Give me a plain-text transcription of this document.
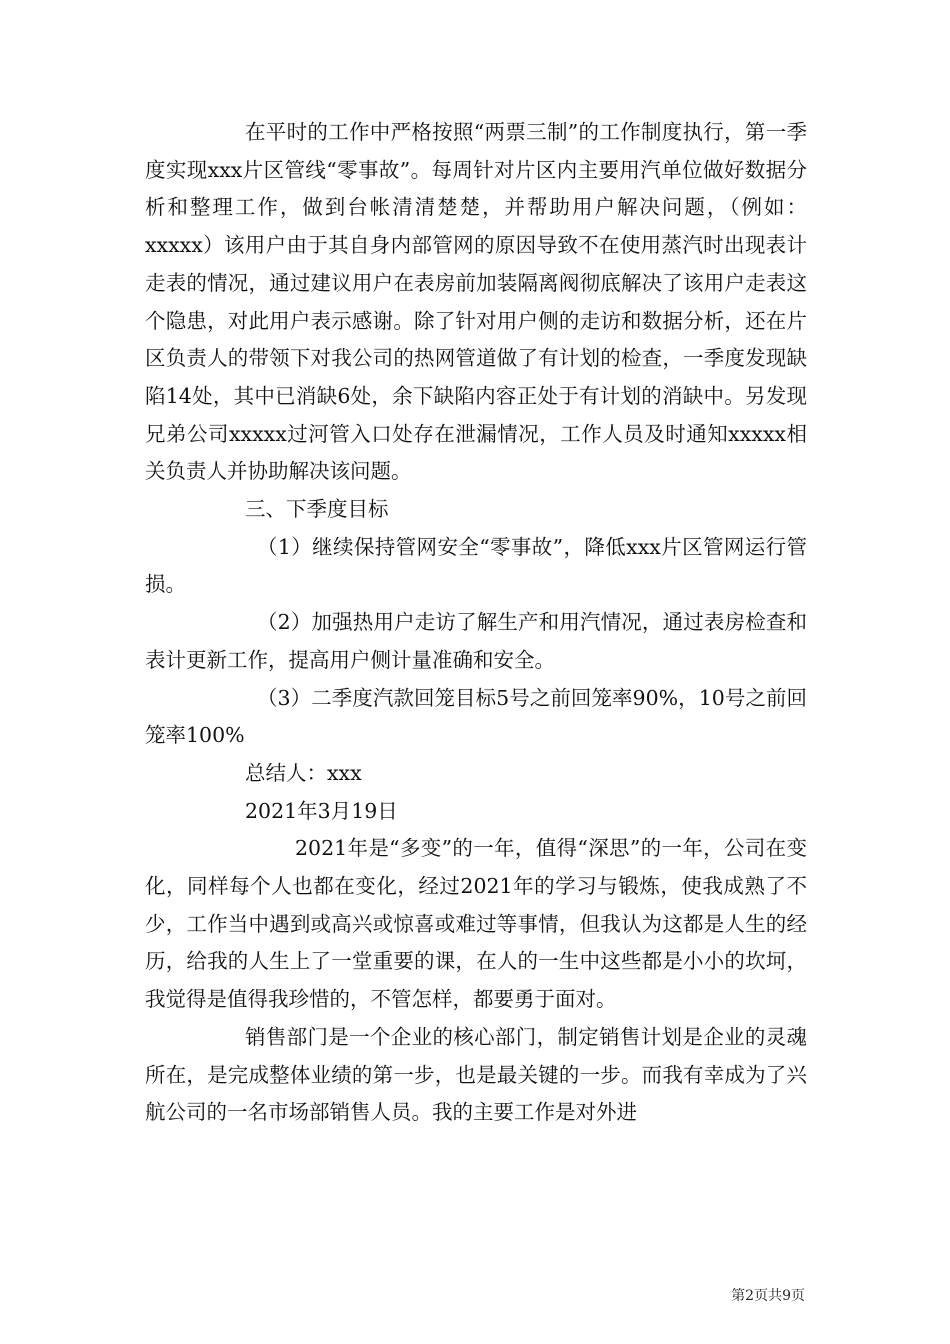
在平时的工作中严格按照“两票三制”的工作制度执行，第一季度实现xxx片区管线“零事故”。每周针对片区内主要用汽单位做好数据分析和整理工作，做到台帐清清楚楚，并帮助用户解决问题，（例如：xxxxx）该用户由于其自身内部管网的原因导致不在使用蒸汽时出现表计走表的情况，通过建议用户在表房前加装隔离阀彻底解决了该用户走表这个隐患，对此用户表示感谢。除了针对用户侧的走访和数据分析，还在片区负责人的带领下对我公司的热网管道做了有计划的检查，一季度发现缺陷14处，其中已消缺6处，余下缺陷内容正处于有计划的消缺中。另发现兄弟公司xxxxx过河管入口处存在泄漏情况，工作人员及时通知xxxxx相关负责人并协助解决该问题。

三、下季度目标

（1）继续保持管网安全“零事故”，降低xxx片区管网运行管损。

（2）加强热用户走访了解生产和用汽情况，通过表房检查和表计更新工作，提高用户侧计量准确和安全。

（3）二季度汽款回笼目标5号之前回笼率90%，10号之前回笼率100%

总结人：xxx

2021年3月19日

2021年是“多变”的一年，值得“深思”的一年，公司在变化，同样每个人也都在变化，经过2021年的学习与锻炼，使我成熟了不少，工作当中遇到或高兴或惊喜或难过等事情，但我认为这都是人生的经历，给我的人生上了一堂重要的课，在人的一生中这些都是小小的坎坷，我觉得是值得我珍惜的，不管怎样，都要勇于面对。

销售部门是一个企业的核心部门，制定销售计划是企业的灵魂所在，是完成整体业绩的第一步，也是最关键的一步。而我有幸成为了兴航公司的一名市场部销售人员。我的主要工作是对外进

第2页共9页
